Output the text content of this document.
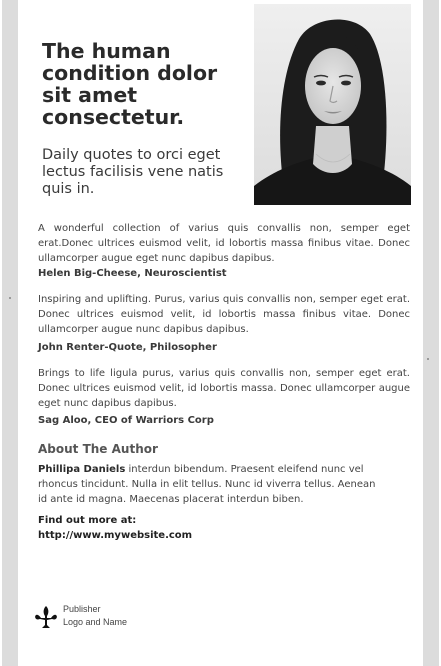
The human condition dolor sit amet consectetur.

Daily quotes to orci eget lectus facilisis vene natis quis in.

A wonderful collection of varius quis convallis non, semper eget erat.Donec ultrices euismod velit, id lobortis massa finibus vitae. Donec ullamcorper augue eget nunc dapibus dapibus.

Helen Big-Cheese, Neuroscientist

Inspiring and uplifting. Purus, varius quis convallis non, semper eget erat. Donec ultrices euismod velit, id lobortis massa finibus vitae. Donec ullamcorper augue nunc dapibus dapibus.

John Renter-Quote, Philosopher

Brings to life ligula purus, varius quis convallis non, semper eget erat. Donec ultrices euismod velit, id lobortis massa. Donec ullamcorper augue eget nunc dapibus dapibus.

Sag Aloo, CEO of Warriors Corp

About The Author

Phillipa Daniels interdun bibendum. Praesent eleifend nunc vel rhoncus tincidunt. Nulla in elit tellus. Nunc id viverra tellus. Aenean id ante id magna. Maecenas placerat interdun biben.

Find out more at:
http://www.mywebsite.com
Publisher
Logo and Name
